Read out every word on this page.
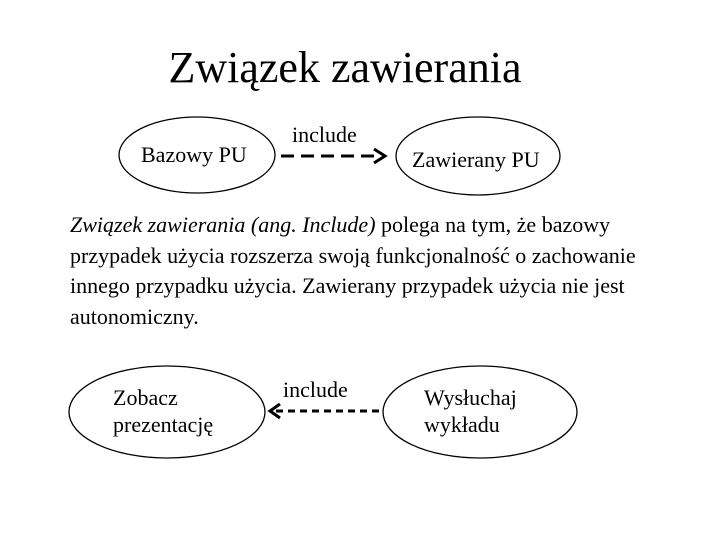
Związek zawierania
Bazowy PU
include
Zawierany PU
Związek zawierania (ang. Include) polega na tym, że bazowy przypadek użycia rozszerza swoją funkcjonalność o zachowanie innego przypadku użycia. Zawierany przypadek użycia nie jest autonomiczny.
Zobacz prezentację
include	Wysłuchaj wykładu
